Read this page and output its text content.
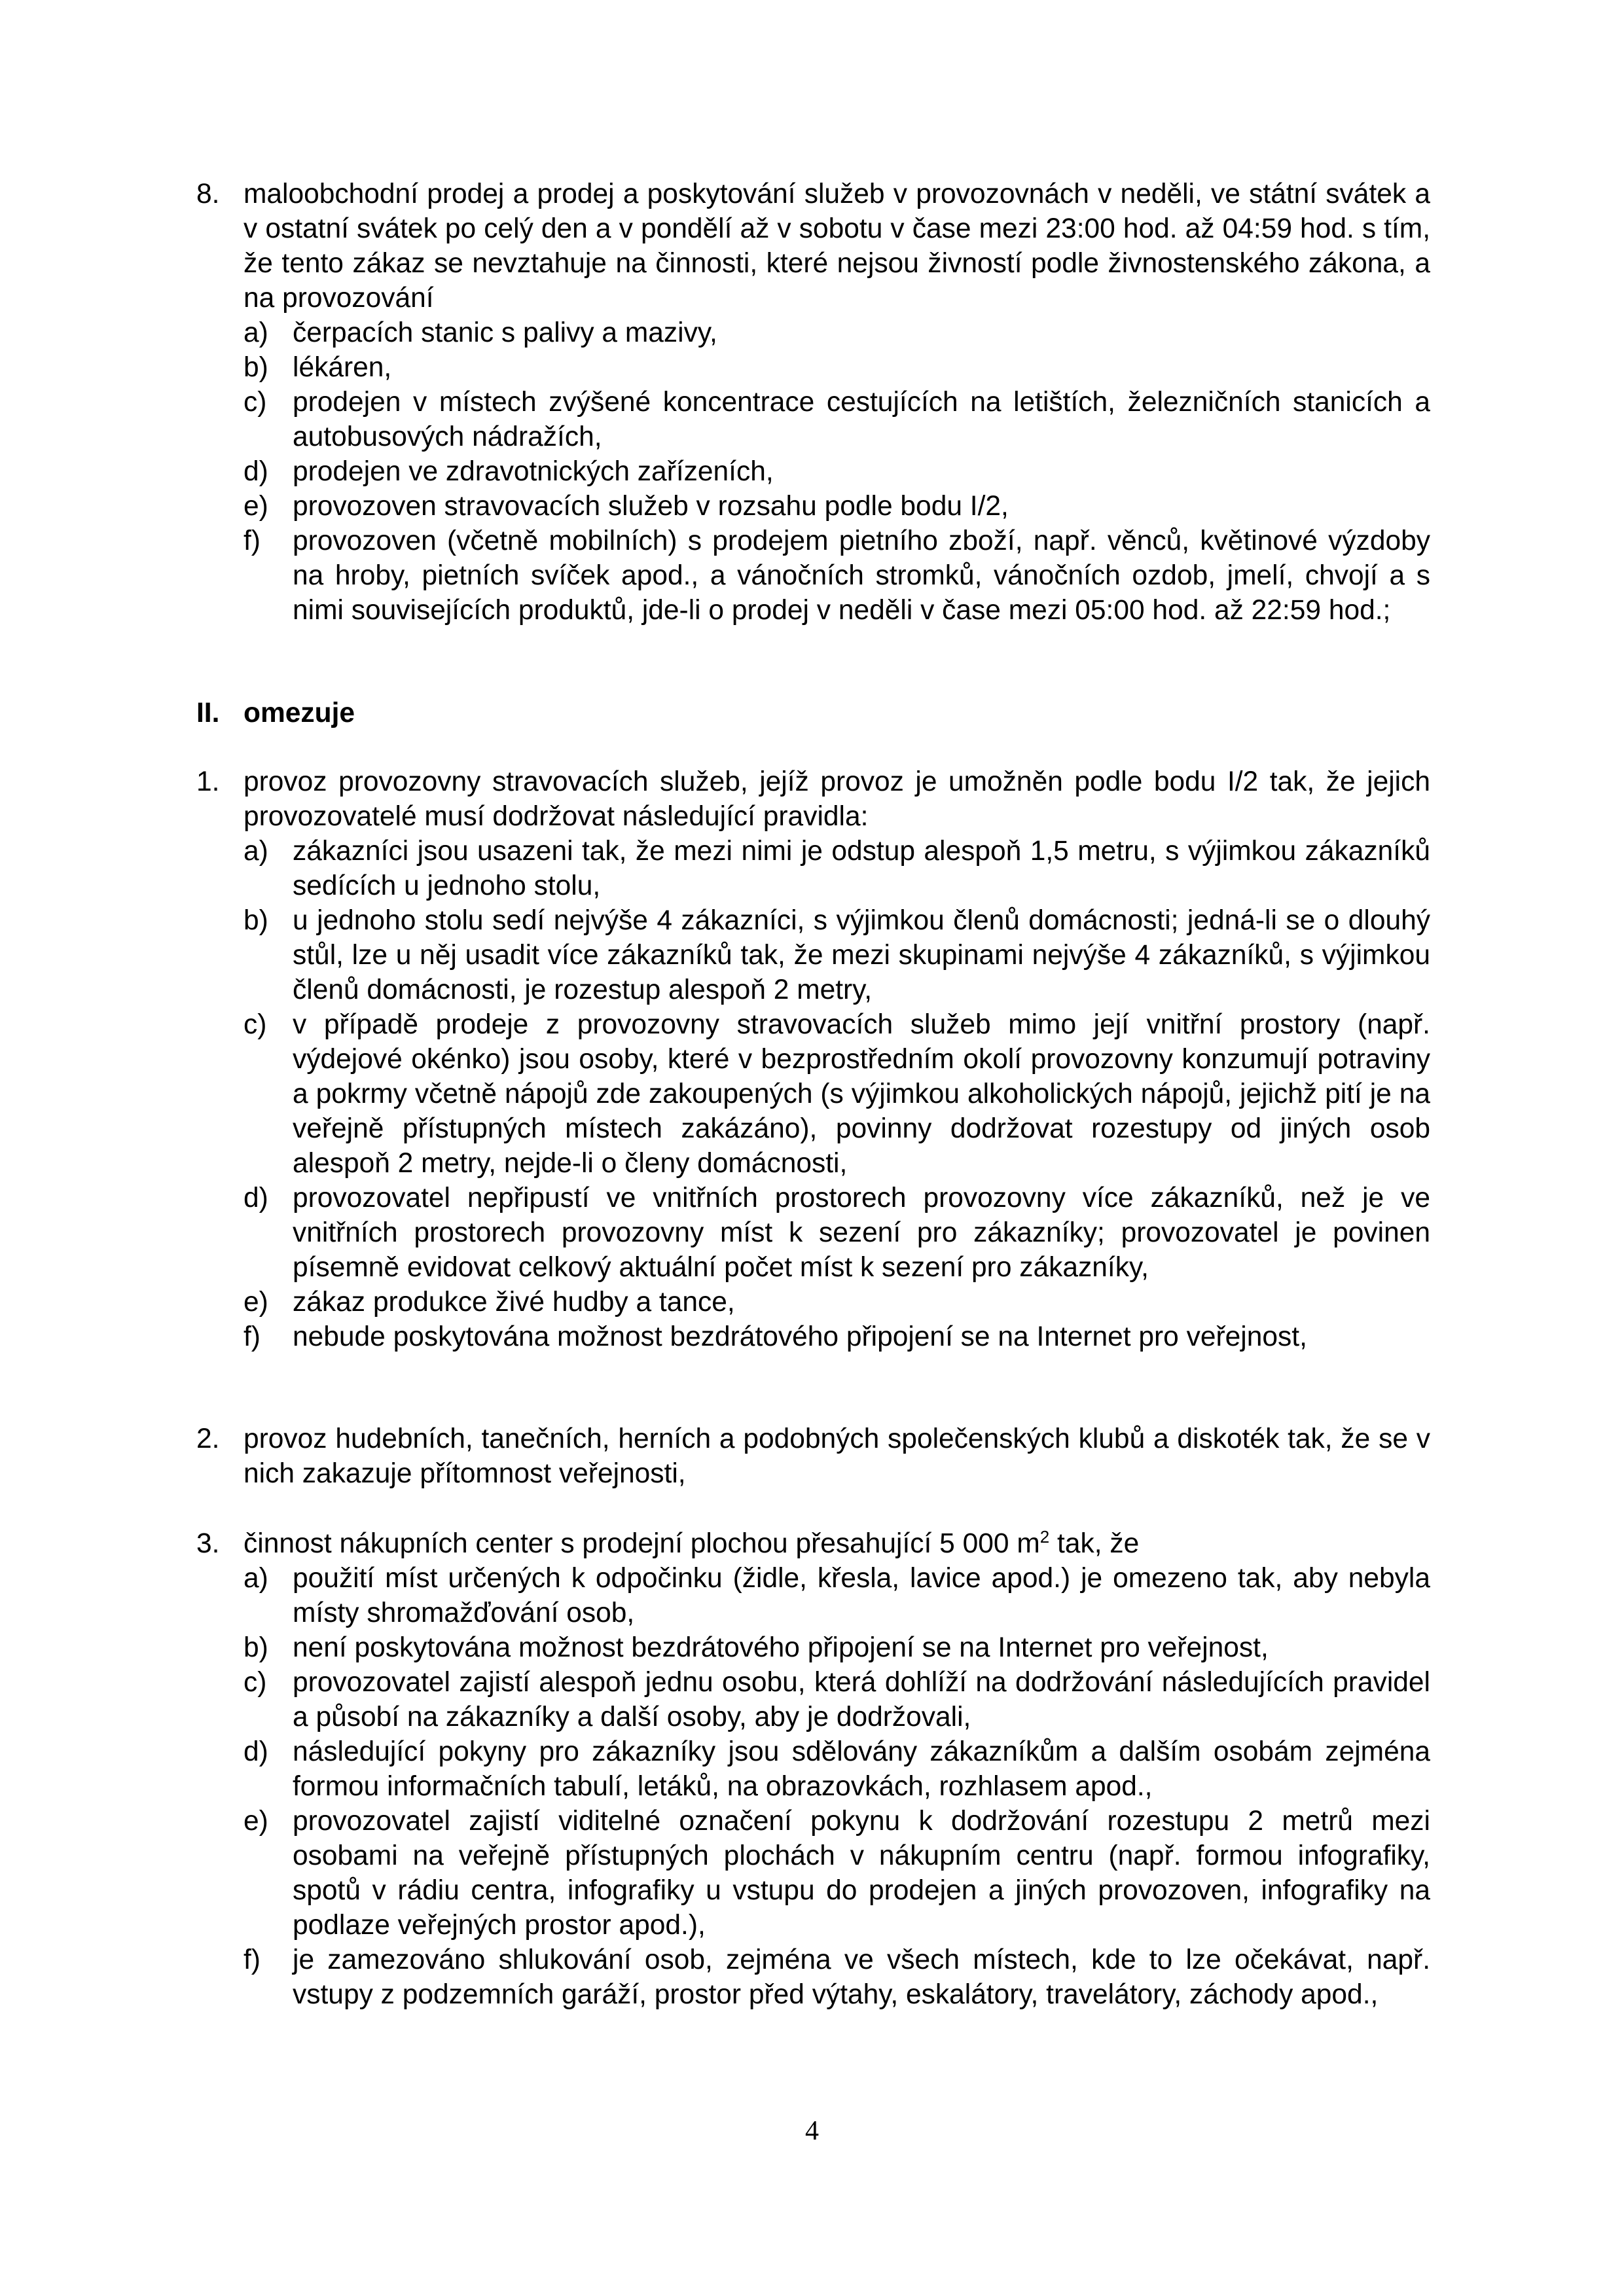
8. maloobchodní prodej a prodej a poskytování služeb v provozovnách v neděli, ve státní svátek a v ostatní svátek po celý den a v pondělí až v sobotu v čase mezi 23:00 hod. až 04:59 hod. s tím, že tento zákaz se nevztahuje na činnosti, které nejsou živností podle živnostenského zákona, a na provozování
a) čerpacích stanic s palivy a mazivy,
b) lékáren,
c) prodejen v místech zvýšené koncentrace cestujících na letištích, železničních stanicích a autobusových nádražích,
d) prodejen ve zdravotnických zařízeních,
e) provozoven stravovacích služeb v rozsahu podle bodu I/2,
f)	provozoven (včetně mobilních) s prodejem pietního zboží, např. věnců, květinové výzdoby na hroby, pietních svíček apod., a vánočních stromků, vánočních ozdob, jmelí, chvojí a s nimi souvisejících produktů, jde-li o prodej v neděli v čase mezi 05:00 hod. až 22:59 hod.;
II. omezuje
1. provoz provozovny stravovacích služeb, jejíž provoz je umožněn podle bodu I/2 tak, že jejich provozovatelé musí dodržovat následující pravidla:
a) zákazníci jsou usazeni tak, že mezi nimi je odstup alespoň 1,5 metru, s výjimkou zákazníků sedících u jednoho stolu,
b) u jednoho stolu sedí nejvýše 4 zákazníci, s výjimkou členů domácnosti; jedná-li se o dlouhý stůl, lze u něj usadit více zákazníků tak, že mezi skupinami nejvýše 4 zákazníků, s výjimkou členů domácnosti, je rozestup alespoň 2 metry,
c) v případě prodeje z provozovny stravovacích služeb mimo její vnitřní prostory (např. výdejové okénko) jsou osoby, které v bezprostředním okolí provozovny konzumují potraviny a pokrmy včetně nápojů zde zakoupených (s výjimkou alkoholických nápojů, jejichž pití je na veřejně přístupných místech zakázáno), povinny dodržovat rozestupy od jiných osob alespoň 2 metry, nejde-li o členy domácnosti,
d) provozovatel nepřipustí ve vnitřních prostorech provozovny více zákazníků, než je ve vnitřních prostorech provozovny míst k sezení pro zákazníky; provozovatel je povinen písemně evidovat celkový aktuální počet míst k sezení pro zákazníky,
e) zákaz produkce živé hudby a tance,
f)	nebude poskytována možnost bezdrátového připojení se na Internet pro veřejnost,
2. provoz hudebních, tanečních, herních a podobných společenských klubů a diskoték tak, že se v nich zakazuje přítomnost veřejnosti,
3. činnost nákupních center s prodejní plochou přesahující 5 000 $m^2$ tak, že
a) použití míst určených k odpočinku (židle, křesla, lavice apod.) je omezeno tak, aby nebyla místy shromažďování osob,
b) není poskytována možnost bezdrátového připojení se na Internet pro veřejnost,
c) provozovatel zajistí alespoň jednu osobu, která dohlíží na dodržování následujících pravidel a působí na zákazníky a další osoby, aby je dodržovali,
d) následující pokyny pro zákazníky jsou sdělovány zákazníkům a dalším osobám zejména formou informačních tabulí, letáků, na obrazovkách, rozhlasem apod.,
e) provozovatel zajistí viditelné označení pokynu k dodržování rozestupu 2 metrů mezi osobami na veřejně přístupných plochách v nákupním centru (např. formou infografiky, spotů v rádiu centra, infografiky u vstupu do prodejen a jiných provozoven, infografiky na podlaze veřejných prostor apod.),
f)	je zamezováno shlukování osob, zejména ve všech místech, kde to lze očekávat, např. vstupy z podzemních garáží, prostor před výtahy, eskalátory, travelátory, záchody apod.,
4
